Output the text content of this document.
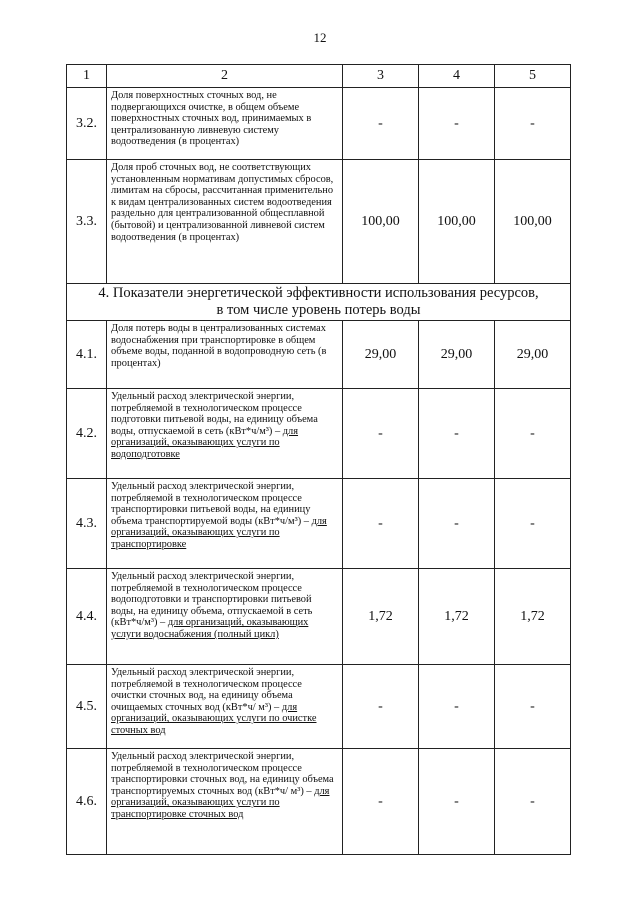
12
1	2	3	4	5
3.2.	Доля поверхностных сточных вод, не подвергающихся очистке, в общем объеме поверхностных сточных вод, принимаемых в централизованную ливневую систему водоотведения (в процентах)	-	-	-
3.3.	Доля проб сточных вод, не соответствующих установленным нормативам допустимых сбросов, лимитам на сбросы, рассчитанная применительно к видам централизованных систем водоотведения раздельно для централизованной общесплавной (бытовой) и централизованной ливневой систем водоотведения (в процентах)	100,00	100,00	100,00

4. Показатели энергетической эффективности использования ресурсов,
в том числе уровень потерь воды				

4.1.	Доля потерь воды в централизованных системах водоснабжения при транспортировке в общем объеме воды, поданной в водопроводную сеть (в процентах)	29,00	29,00	29,00
4.2.	Удельный расход электрической энергии, потребляемой в технологическом процессе подготовки питьевой воды, на единицу объема воды, отпускаемой в сеть (кВт*ч/м³) – для организаций, оказывающих услуги по водоподготовке	-	-	-
4.3.	Удельный расход электрической энергии, потребляемой в технологическом процессе транспортировки питьевой воды, на единицу объема транспортируемой воды (кВт*ч/м³) – для организаций, оказывающих услуги по транспортировке	-	-	-
4.4.	Удельный расход электрической энергии, потребляемой в технологическом процессе водоподготовки и транспортировки питьевой воды, на единицу объема, отпускаемой в сеть (кВт*ч/м³) – для организаций, оказывающих услуги водоснабжения (полный цикл)	1,72	1,72	1,72
4.5.	Удельный расход электрической энергии, потребляемой в технологическом процессе очистки сточных вод, на единицу объема очищаемых сточных вод (кВт*ч/ м³) – для организаций, оказывающих услуги по очистке сточных вод	-	-	-
4.6.	Удельный расход электрической энергии, потребляемой в технологическом процессе транспортировки сточных вод, на единицу объема транспортируемых сточных вод (кВт*ч/ м³) – для организаций, оказывающих услуги по транспортировке сточных вод	-	-	-
